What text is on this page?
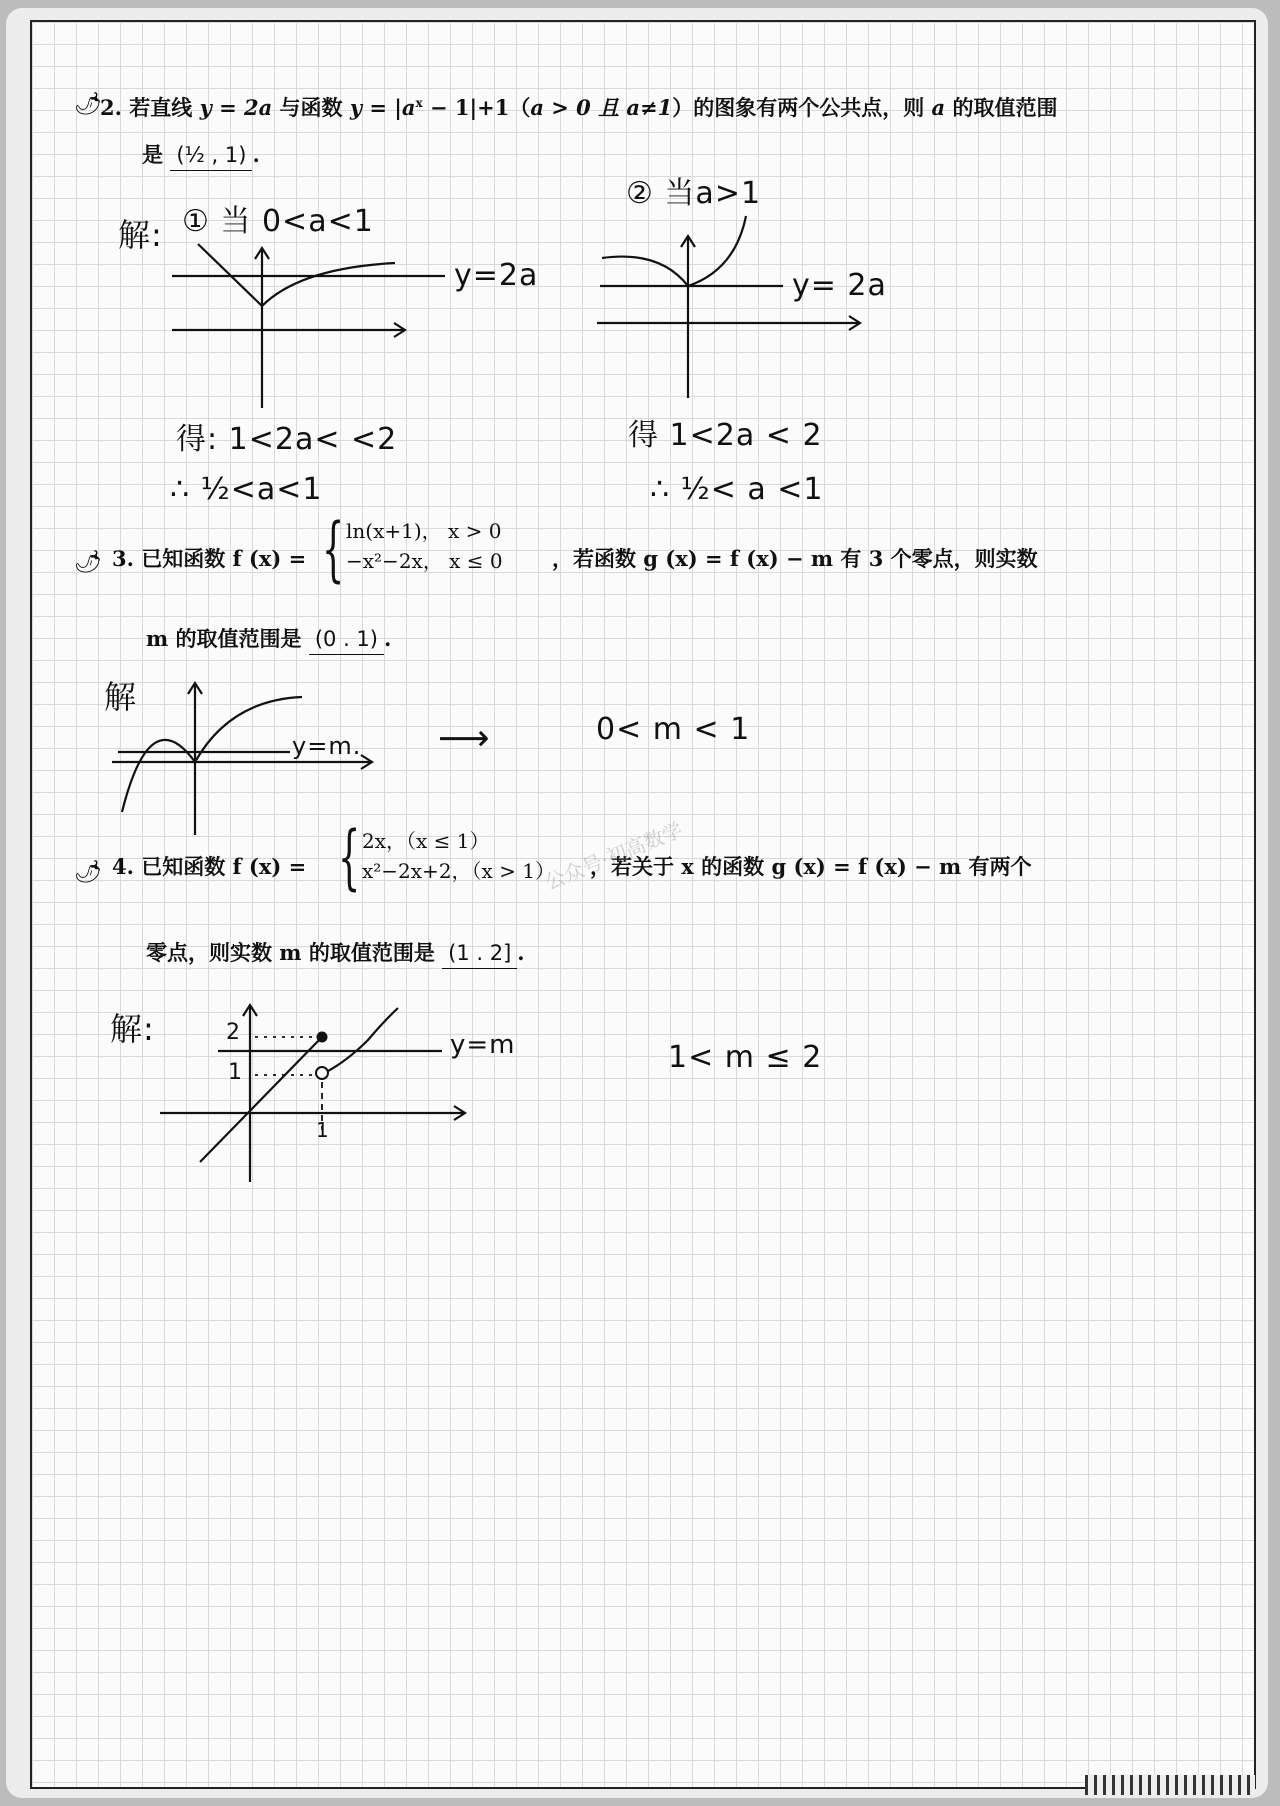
🌶
2. 若直线 y = 2a 与函数 $y = |a^x - 1|+1(a > 0$ 且 a≠1）的图象有两个公共点，则 a 的取值范围
是 (½ , 1) .
解: ① 当 0<a<1
② 当a>1
y=2a	y= 2a
得: 1<2a< <2
∴ ½<a<1
得 1<2a < 2
∴ ½< a <1
🌶 3. 已知函数 f (x) = { ln(x+1)， x > 0
−x²−2x， x ≤ 0 ，若函数 g (x) = f (x) − m 有 3 个零点，则实数
m 的取值范围是 (0 . 1) .
解
y=m. ⟶	0< m < 1
🌶 4. 已知函数 f (x) = { 2x，（x ≤ 1）
x²−2x+2，（x > 1） ，若关于 x 的函数 g (x) = f (x) − m 有两个
零点，则实数 m 的取值范围是 (1 . 2] .
公众号·初高数学
解:	2
1
1
y=m	1< m ≤ 2
